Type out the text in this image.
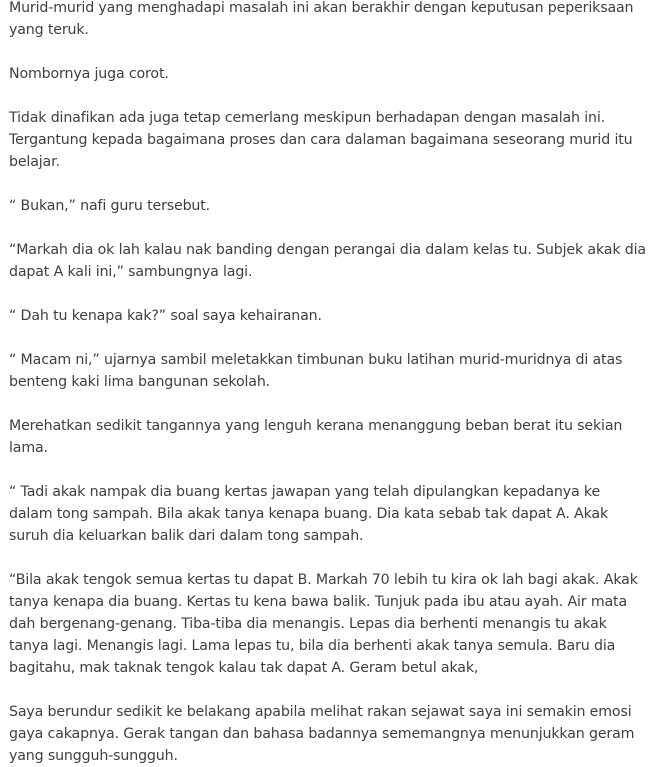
Murid-murid yang menghadapi masalah ini akan berakhir dengan keputusan peperiksaan yang teruk.

Nombornya juga corot.

Tidak dinafikan ada juga tetap cemerlang meskipun berhadapan dengan masalah ini. Tergantung kepada bagaimana proses dan cara dalaman bagaimana seseorang murid itu belajar.

“ Bukan,” nafi guru tersebut.

“Markah dia ok lah kalau nak banding dengan perangai dia dalam kelas tu. Subjek akak dia dapat A kali ini,” sambungnya lagi.

“ Dah tu kenapa kak?” soal saya kehairanan.

“ Macam ni,” ujarnya sambil meletakkan timbunan buku latihan murid-muridnya di atas benteng kaki lima bangunan sekolah.

Merehatkan sedikit tangannya yang lenguh kerana menanggung beban berat itu sekian lama.

“ Tadi akak nampak dia buang kertas jawapan yang telah dipulangkan kepadanya ke dalam tong sampah. Bila akak tanya kenapa buang. Dia kata sebab tak dapat A. Akak suruh dia keluarkan balik dari dalam tong sampah.

“Bila akak tengok semua kertas tu dapat B. Markah 70 lebih tu kira ok lah bagi akak. Akak tanya kenapa dia buang. Kertas tu kena bawa balik. Tunjuk pada ibu atau ayah. Air mata dah bergenang-genang. Tiba-tiba dia menangis. Lepas dia berhenti menangis tu akak tanya lagi. Menangis lagi. Lama lepas tu, bila dia berhenti akak tanya semula. Baru dia bagitahu, mak taknak tengok kalau tak dapat A. Geram betul akak,

Saya berundur sedikit ke belakang apabila melihat rakan sejawat saya ini semakin emosi gaya cakapnya. Gerak tangan dan bahasa badannya sememangnya menunjukkan geram yang sungguh-sungguh.
